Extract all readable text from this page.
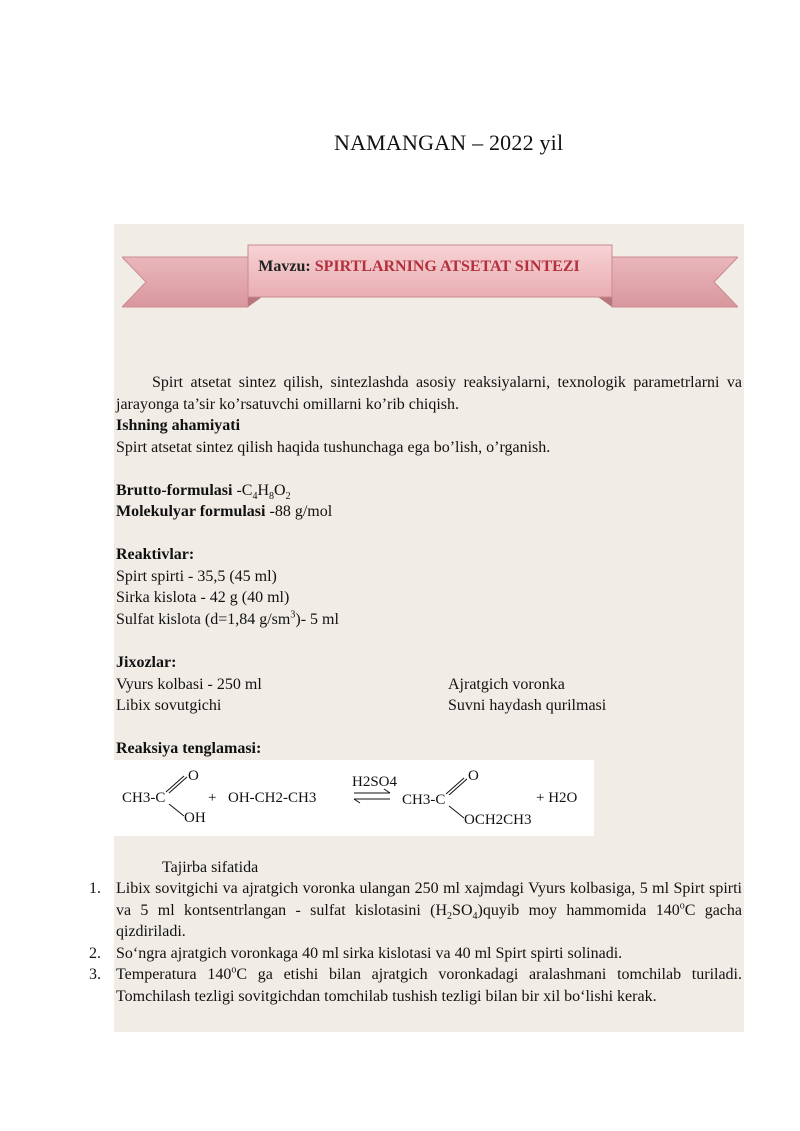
NAMANGAN – 2022 yil
Mavzu: SPIRTLARNING ATSETAT SINTEZI
Spirt atsetat sintez qilish, sintezlashda asosiy reaksiyalarni, texnologik parametrlarni va jarayonga ta’sir ko’rsatuvchi omillarni ko’rib chiqish.
Ishning ahamiyati
Spirt atsetat sintez qilish haqida tushunchaga ega bo’lish, o’rganish.
Brutto-formulasi $-C_4H_8O_2$
Molekulyar formulasi -88 g/mol
Reaktivlar:
Spirt spirti - 35,5 (45 ml)
Sirka kislota - 42 g (40 ml)
Sulfat kislota (d=1,84 $g/sm^3)-$ 5 ml
Jixozlar:
Vyurs kolbasi - 250 ml
Libix sovutgichi
Ajratgich voronka
Suvni haydash qurilmasi
Reaksiya tenglamasi:
CH3-C
O
OH
+ OH-CH2-CH3
H2SO4
CH3-C
O
OCH2CH3
+ H2O
Tajirba sifatida
1. Libix sovitgichi va ajratgich voronka ulangan 250 ml xajmdagi Vyurs kolbasiga, 5 ml Spirt spirti va 5 ml kontsentrlangan - sulfat kislotasini $(H_2SO_4)quyib$ moy hammomida 140$^o$C gacha qizdiriladi.
2. So‘ngra ajratgich voronkaga 40 ml sirka kislotasi va 40 ml Spirt spirti solinadi.
3. Temperatura 140$^o$C ga etishi bilan ajratgich voronkadagi aralashmani tomchilab turiladi. Tomchilash tezligi sovitgichdan tomchilab tushish tezligi bilan bir xil bo‘lishi kerak.
